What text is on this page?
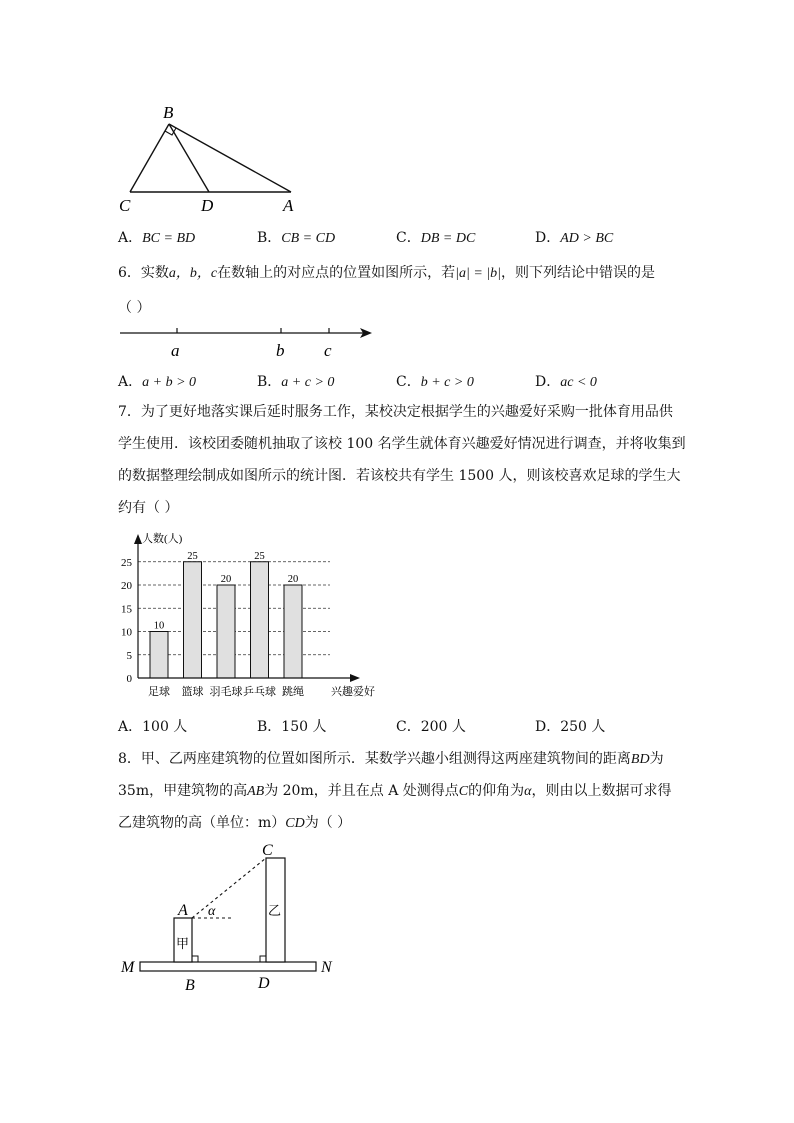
B
C	D	A
A．BC = BD	B．CB = CD	C．DB = DC	D．AD > BC
6．实数a，b，c在数轴上的对应点的位置如图所示，若|a| = |b|，则下列结论中错误的是
（ ）
a	b c
A．a + b > 0	B．a + c > 0	C．b + c > 0	D．ac < 0
7．为了更好地落实课后延时服务工作，某校决定根据学生的兴趣爱好采购一批体育用品供
学生使用．该校团委随机抽取了该校 100 名学生就体育兴趣爱好情况进行调查，并将收集到
的数据整理绘制成如图所示的统计图．若该校共有学生 1500 人，则该校喜欢足球的学生大
约有（ ）
10
25
20
25
20
0
5
10
15
20
25
足球 篮球 羽毛球 乒乓球 跳绳
人数(人)
兴趣爱好
A．100 人	B．150 人	C．200 人	D．250 人
8．甲、乙两座建筑物的位置如图所示．某数学兴趣小组测得这两座建筑物间的距离BD为
35m，甲建筑物的高AB为 20m，并且在点 A 处测得点C的仰角为α，则由以上数据可求得
乙建筑物的高（单位：m）CD为（ ）
C
A α
甲
乙
M	N
B	D
